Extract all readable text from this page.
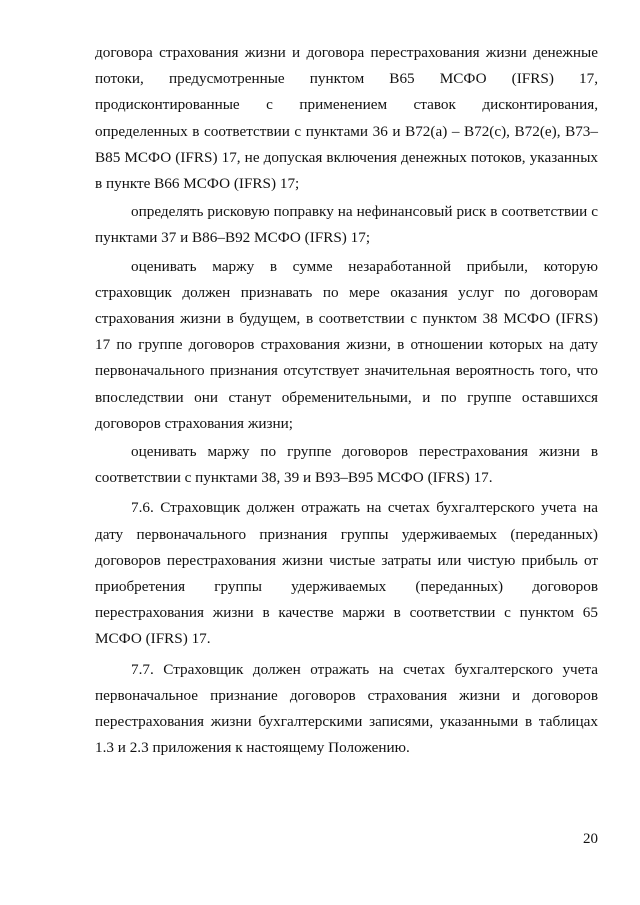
договора страхования жизни и договора перестрахования жизни денежные потоки, предусмотренные пунктом B65 МСФО (IFRS) 17, продисконтированные с применением ставок дисконтирования, определенных в соответствии с пунктами 36 и B72(a) – B72(c), B72(e), B73–B85 МСФО (IFRS) 17, не допуская включения денежных потоков, указанных в пункте B66 МСФО (IFRS) 17;

определять рисковую поправку на нефинансовый риск в соответствии с пунктами 37 и B86–B92 МСФО (IFRS) 17;

оценивать маржу в сумме незаработанной прибыли, которую страховщик должен признавать по мере оказания услуг по договорам страхования жизни в будущем, в соответствии с пунктом 38 МСФО (IFRS) 17 по группе договоров страхования жизни, в отношении которых на дату первоначального признания отсутствует значительная вероятность того, что впоследствии они станут обременительными, и по группе оставшихся договоров страхования жизни;

оценивать маржу по группе договоров перестрахования жизни в соответствии с пунктами 38, 39 и B93–B95 МСФО (IFRS) 17.

7.6. Страховщик должен отражать на счетах бухгалтерского учета на дату первоначального признания группы удерживаемых (переданных) договоров перестрахования жизни чистые затраты или чистую прибыль от приобретения группы удерживаемых (переданных) договоров перестрахования жизни в качестве маржи в соответствии с пунктом 65 МСФО (IFRS) 17.

7.7. Страховщик должен отражать на счетах бухгалтерского учета первоначальное признание договоров страхования жизни и договоров перестрахования жизни бухгалтерскими записями, указанными в таблицах 1.3 и 2.3 приложения к настоящему Положению.

20
